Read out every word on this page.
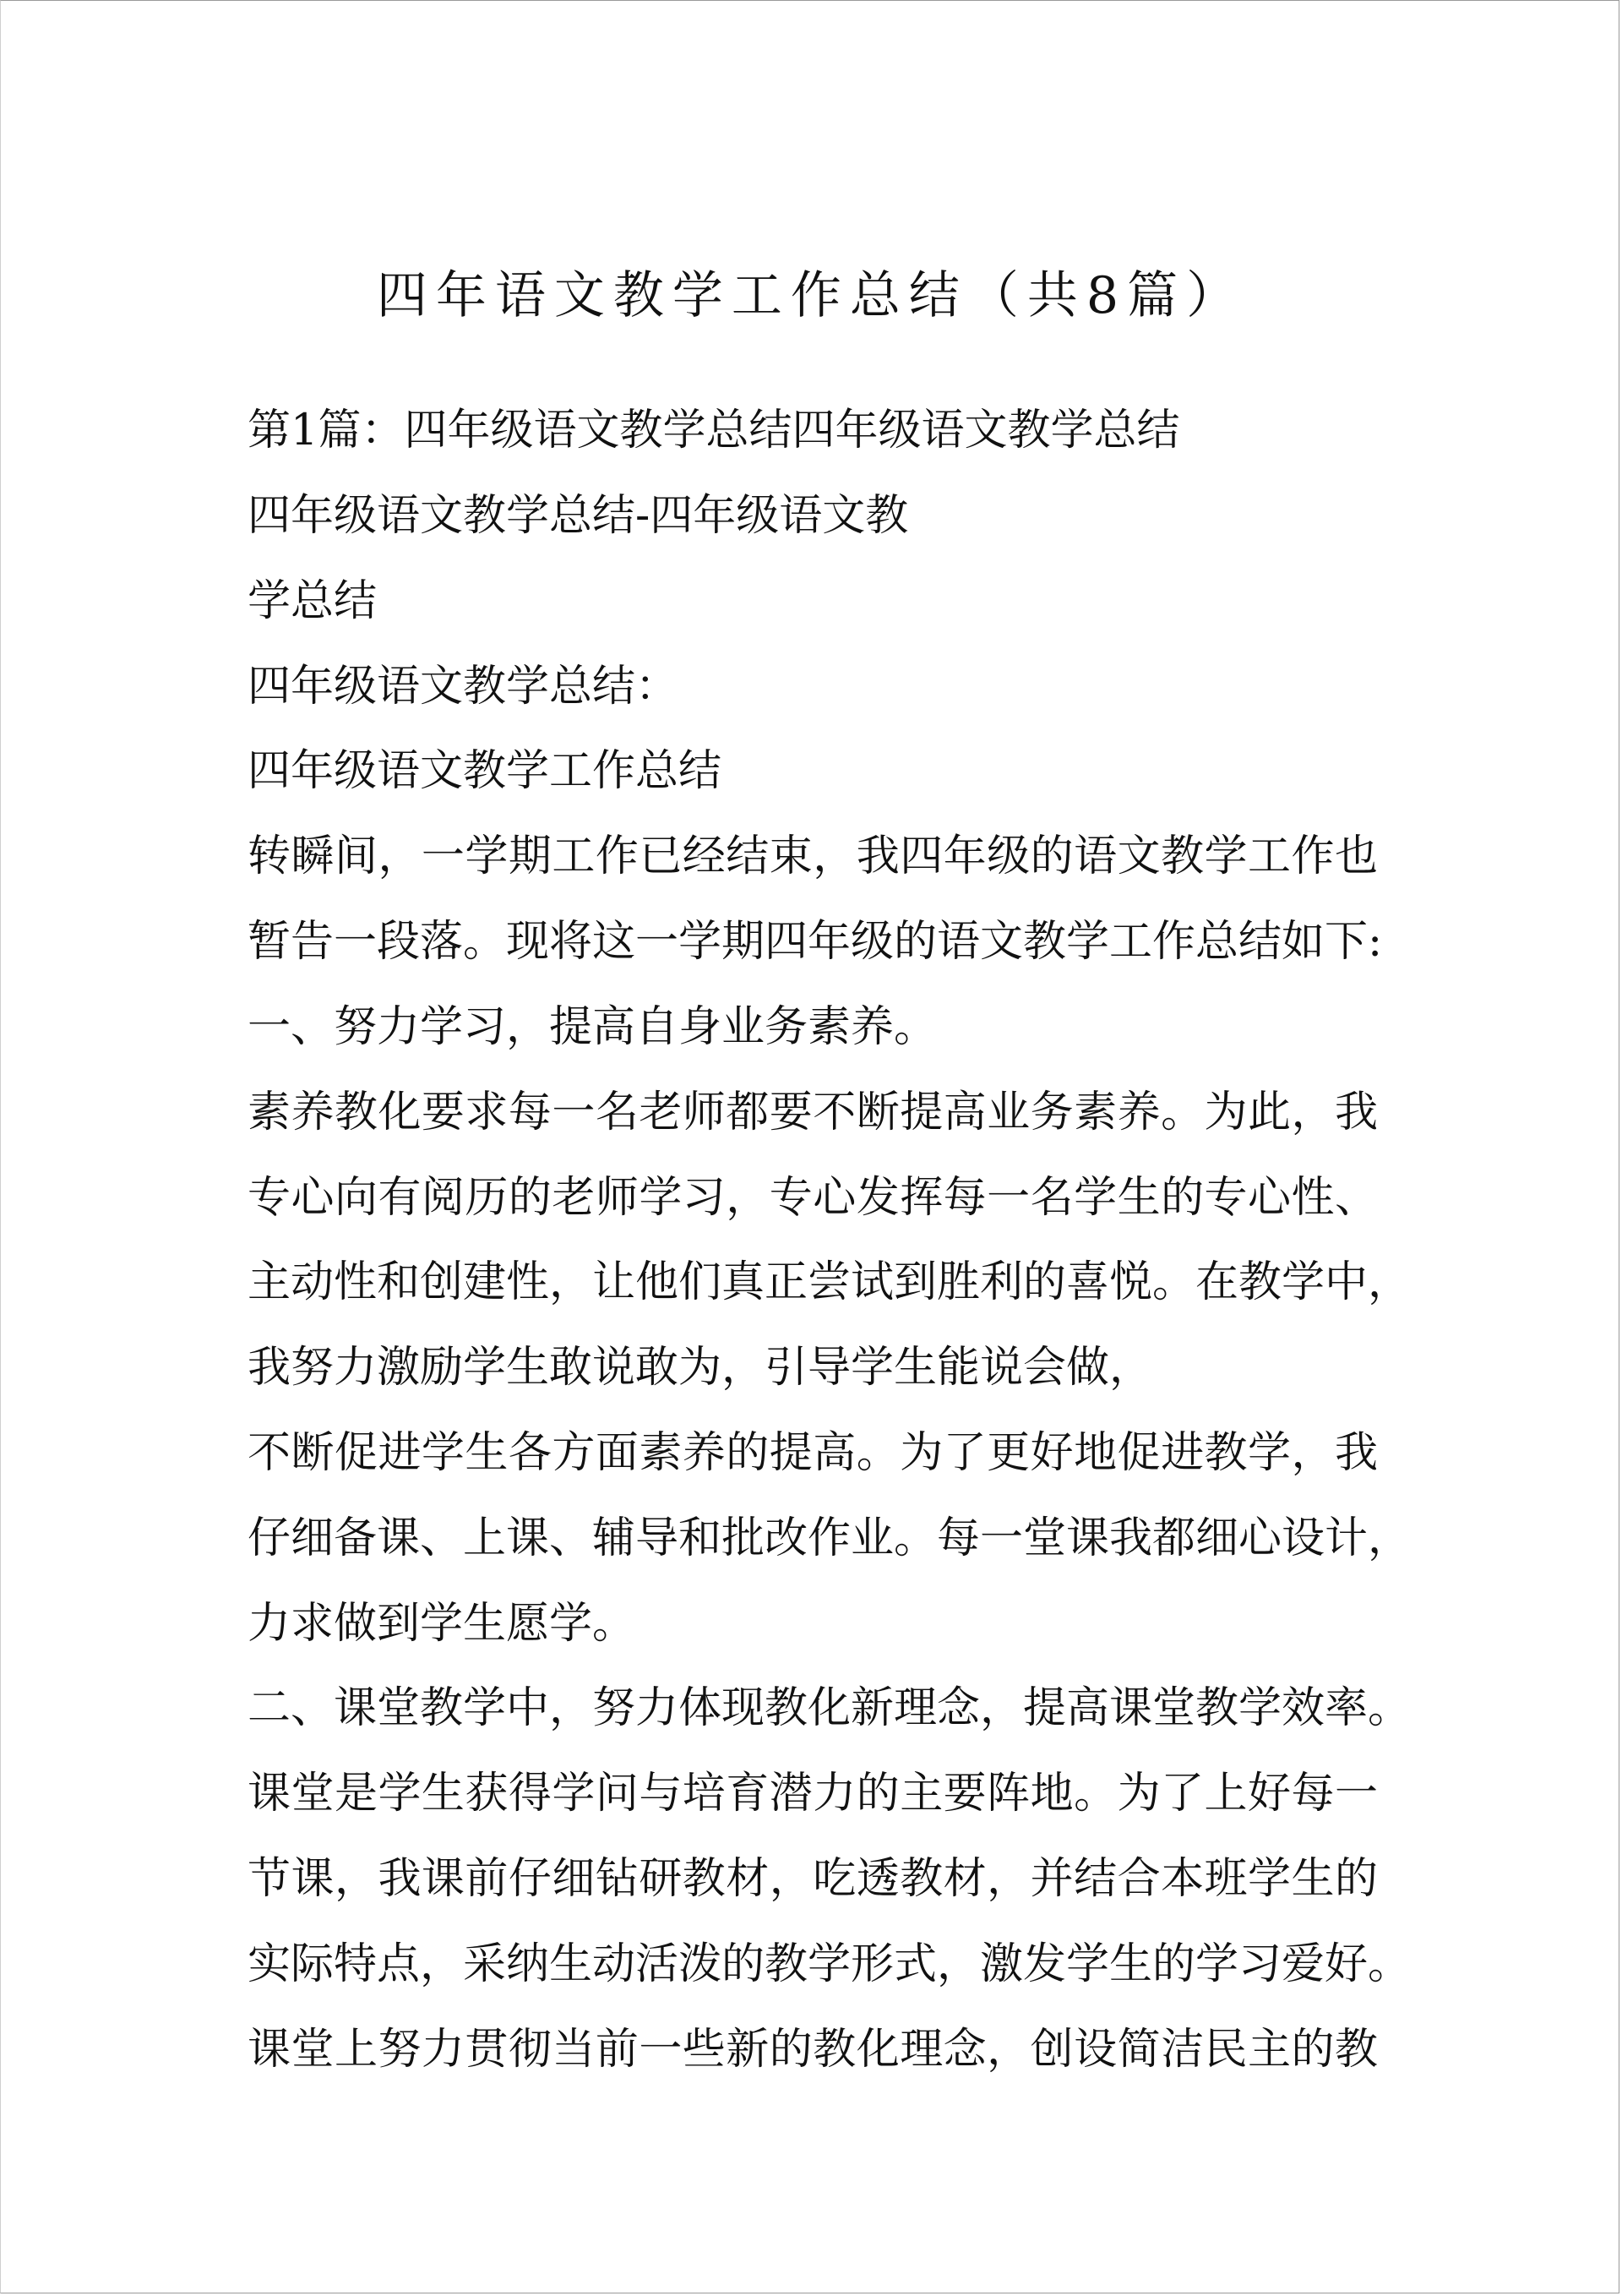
四年语文教学工作总结（共8篇）
第1篇：四年级语文教学总结四年级语文教学总结
四年级语文教学总结-四年级语文教
学总结
四年级语文教学总结：
四年级语文教学工作总结
转瞬间，一学期工作已经结束，我四年级的语文教学工作也
暂告一段落。现将这一学期四年级的语文教学工作总结如下:
一、努力学习，提高自身业务素养。
素养教化要求每一名老师都要不断提高业务素养。为此，我
专心向有阅历的老师学习，专心发挥每一名学生的专心性、
主动性和创建性，让他们真正尝试到胜利的喜悦。在教学中，
我努力激励学生敢说敢为，引导学生能说会做，
不断促进学生各方面素养的提高。为了更好地促进教学，我
仔细备课、上课、辅导和批改作业。每一堂课我都细心设计，
力求做到学生愿学。
二、课堂教学中，努力体现教化新理念，提高课堂教学效率。
课堂是学生获得学问与培育潜力的主要阵地。为了上好每一
节课，我课前仔细钻研教材，吃透教材，并结合本班学生的
实际特点，采纳生动活泼的教学形式，激发学生的学习爱好。
课堂上努力贯彻当前一些新的教化理念，创设简洁民主的教
